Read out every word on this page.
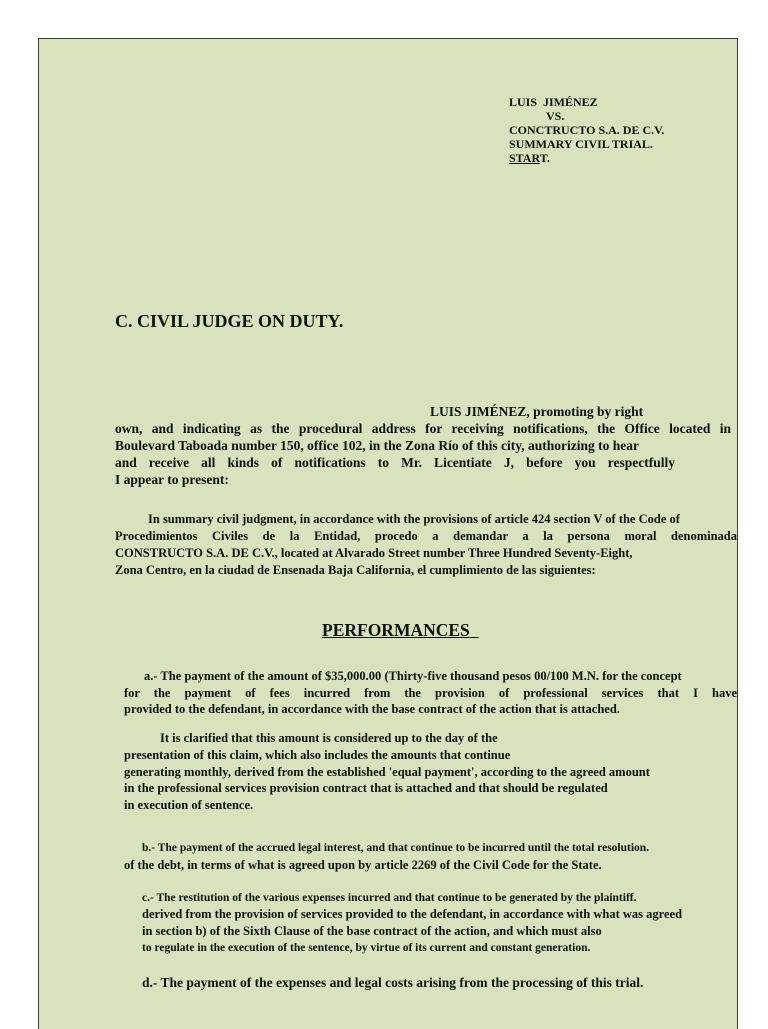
LUIS  JIMÉNEZ
VS.
CONCTRUCTO S.A. DE C.V.
SUMMARY CIVIL TRIAL.
START.
C. CIVIL JUDGE ON DUTY.
LUIS JIMÉNEZ, promoting by right
own, and indicating as the procedural address for receiving notifications, the Office located in
Boulevard Taboada number 150, office 102, in the Zona Río of this city, authorizing to hear
and receive all kinds of notifications to Mr. Licentiate J, before you respectfully
I appear to present:
In summary civil judgment, in accordance with the provisions of article 424 section V of the Code of
Procedimientos Civiles de la Entidad, procedo a demandar a la persona moral denominada
CONSTRUCTO S.A. DE C.V., located at Alvarado Street number Three Hundred Seventy-Eight,
Zona Centro, en la ciudad de Ensenada Baja California, el cumplimiento de las siguientes:
PERFORMANCES
a.- The payment of the amount of $35,000.00 (Thirty-five thousand pesos 00/100 M.N. for the concept
for the payment of fees incurred from the provision of professional services that I have
provided to the defendant, in accordance with the base contract of the action that is attached.
It is clarified that this amount is considered up to the day of the
presentation of this claim, which also includes the amounts that continue
generating monthly, derived from the established 'equal payment', according to the agreed amount
in the professional services provision contract that is attached and that should be regulated
in execution of sentence.
b.- The payment of the accrued legal interest, and that continue to be incurred until the total resolution.
of the debt, in terms of what is agreed upon by article 2269 of the Civil Code for the State.
c.- The restitution of the various expenses incurred and that continue to be generated by the plaintiff.
derived from the provision of services provided to the defendant, in accordance with what was agreed
in section b) of the Sixth Clause of the base contract of the action, and which must also
to regulate in the execution of the sentence, by virtue of its current and constant generation.
d.- The payment of the expenses and legal costs arising from the processing of this trial.
